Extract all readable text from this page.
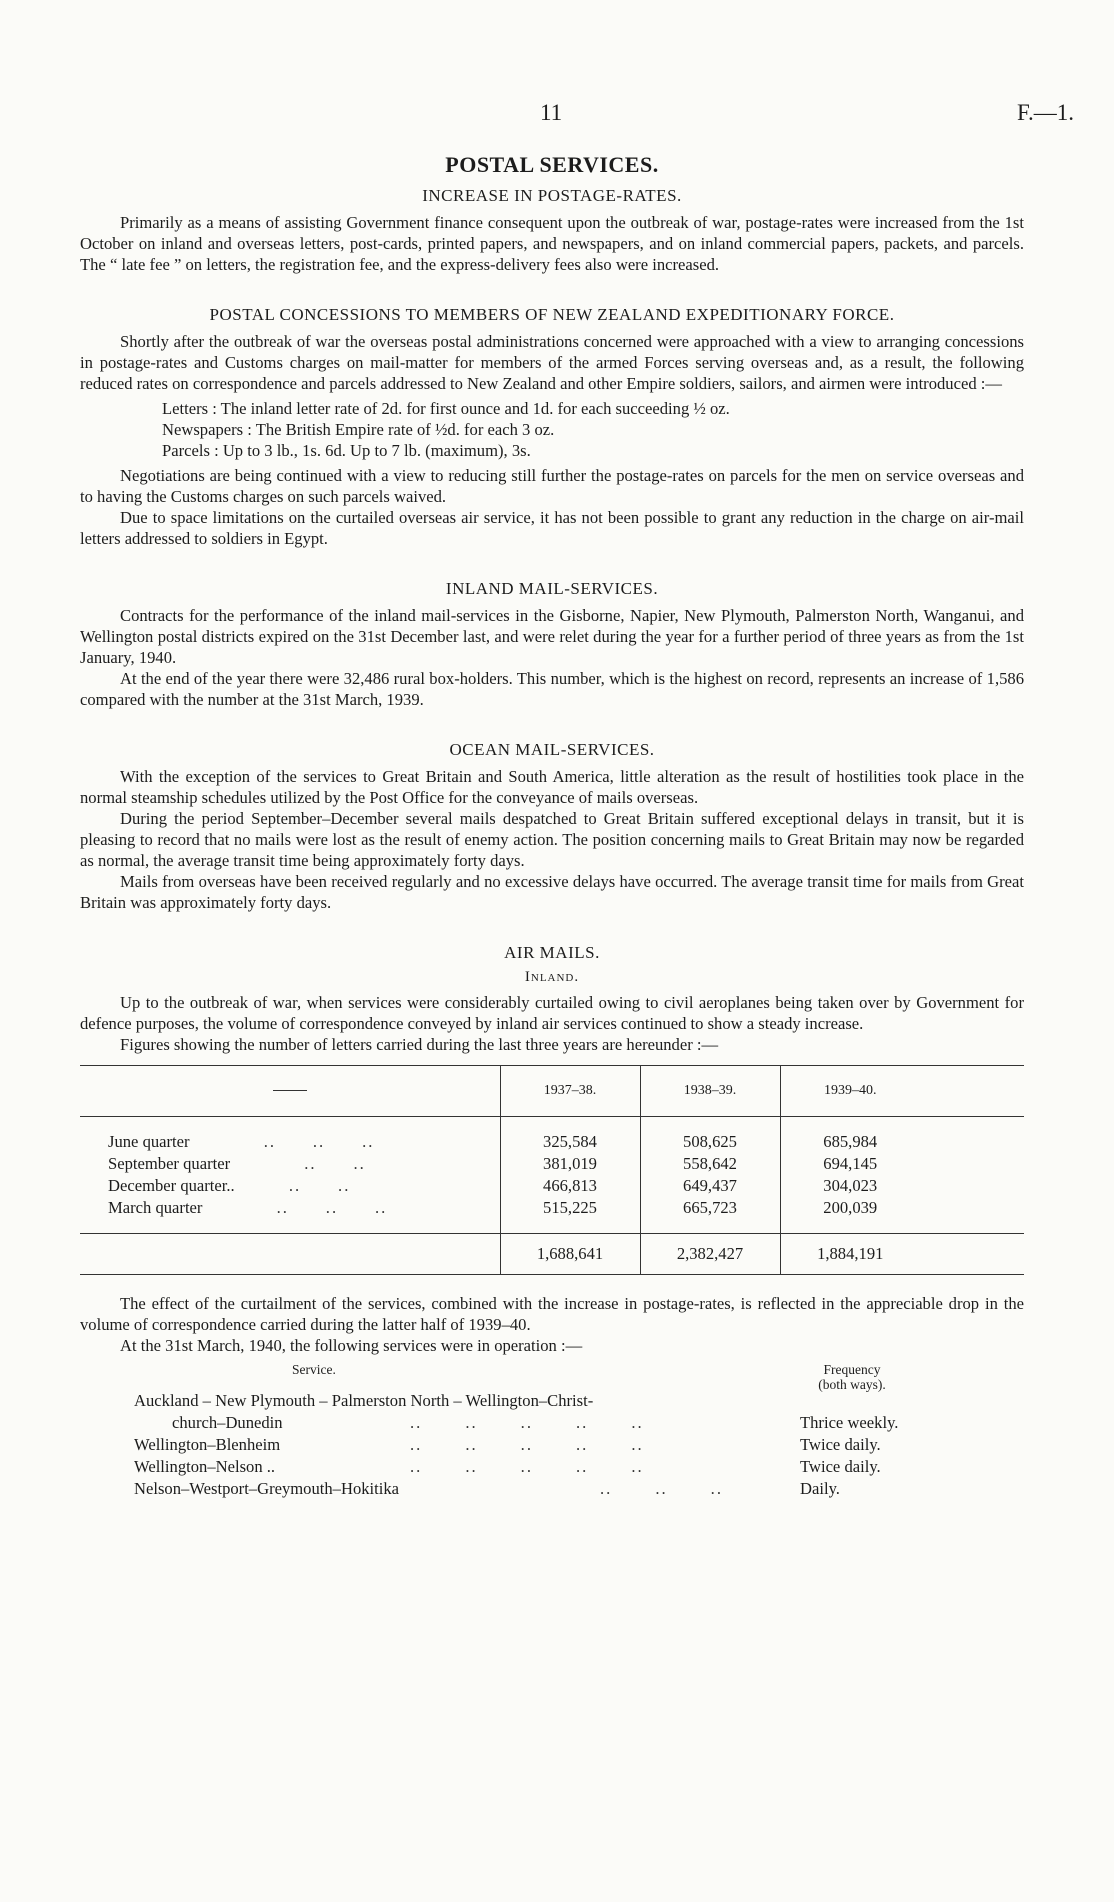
11	F.—1.
POSTAL SERVICES.
INCREASE IN POSTAGE-RATES.

Primarily as a means of assisting Government finance consequent upon the outbreak of war, postage-rates were increased from the 1st October on inland and overseas letters, post-cards, printed papers, and newspapers, and on inland commercial papers, packets, and parcels. The “ late fee ” on letters, the registration fee, and the express-delivery fees also were increased.

POSTAL CONCESSIONS TO MEMBERS OF NEW ZEALAND EXPEDITIONARY FORCE.

Shortly after the outbreak of war the overseas postal administrations concerned were approached with a view to arranging concessions in postage-rates and Customs charges on mail-matter for members of the armed Forces serving overseas and, as a result, the following reduced rates on correspondence and parcels addressed to New Zealand and other Empire soldiers, sailors, and airmen were introduced :—

Letters : The inland letter rate of 2d. for first ounce and 1d. for each succeeding ½ oz.
Newspapers : The British Empire rate of ½d. for each 3 oz.
Parcels : Up to 3 lb., 1s. 6d. Up to 7 lb. (maximum), 3s.

Negotiations are being continued with a view to reducing still further the postage-rates on parcels for the men on service overseas and to having the Customs charges on such parcels waived.

Due to space limitations on the curtailed overseas air service, it has not been possible to grant any reduction in the charge on air-mail letters addressed to soldiers in Egypt.

INLAND MAIL-SERVICES.

Contracts for the performance of the inland mail-services in the Gisborne, Napier, New Plymouth, Palmerston North, Wanganui, and Wellington postal districts expired on the 31st December last, and were relet during the year for a further period of three years as from the 1st January, 1940.

At the end of the year there were 32,486 rural box-holders. This number, which is the highest on record, represents an increase of 1,586 compared with the number at the 31st March, 1939.

OCEAN MAIL-SERVICES.

With the exception of the services to Great Britain and South America, little alteration as the result of hostilities took place in the normal steamship schedules utilized by the Post Office for the conveyance of mails overseas.

During the period September–December several mails despatched to Great Britain suffered exceptional delays in transit, but it is pleasing to record that no mails were lost as the result of enemy action. The position concerning mails to Great Britain may now be regarded as normal, the average transit time being approximately forty days.

Mails from overseas have been received regularly and no excessive delays have occurred. The average transit time for mails from Great Britain was approximately forty days.

AIR MAILS.
Inland.

Up to the outbreak of war, when services were considerably curtailed owing to civil aeroplanes being taken over by Government for defence purposes, the volume of correspondence conveyed by inland air services continued to show a steady increase.

Figures showing the number of letters carried during the last three years are hereunder :—

	1937–38.	1938–39.	1939–40.	

June quarter ..      ..      ..	325,584	508,625	685,984	
September quarter ..      ..	381,019	558,642	694,145	
December quarter.. ..      ..	466,813	649,437	304,023	
March quarter ..      ..      ..	515,225	665,723	200,039	

	1,688,641	2,382,427	1,884,191	

The effect of the curtailment of the services, combined with the increase in postage-rates, is reflected in the appreciable drop in the volume of correspondence carried during the latter half of 1939–40.

At the 31st March, 1940, the following services were in operation :—

Service.	Frequency
(both ways).
Auckland – New Plymouth – Palmerston North – Wellington–Christ-
church–Dunedin	..       ..       ..       ..       ..	Thrice weekly.
Wellington–Blenheim	..       ..       ..       ..       ..	Twice daily.
Wellington–Nelson ..	..       ..       ..       ..       ..	Twice daily.
Nelson–Westport–Greymouth–Hokitika	..       ..       ..	Daily.
